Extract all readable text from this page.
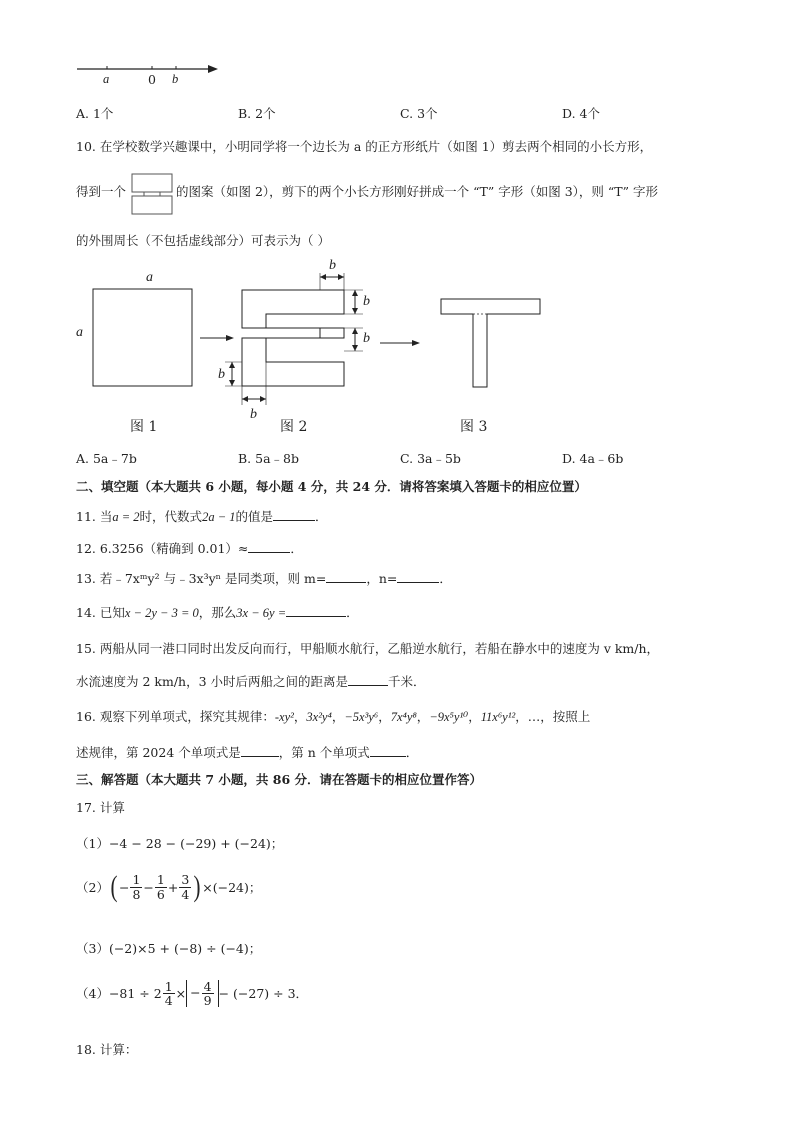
a	0 b
A. 1个	B. 2个	C. 3个	D. 4个
10. 在学校数学兴趣课中，小明同学将一个边长为 a 的正方形纸片（如图 1）剪去两个相同的小长方形，
得到一个	的图案（如图 2），剪下的两个小长方形刚好拼成一个 “T” 字形（如图 3），则 “T” 字形
的外围周长（不包括虚线部分）可表示为（ ）
a
a
b
b
b
b
b
图 1	图 2	图 3
A. 5a﹣7b	B. 5a﹣8b	C. 3a﹣5b	D. 4a﹣6b
二、填空题（本大题共 6 小题，每小题 4 分，共 24 分．请将答案填入答题卡的相应位置）
11. 当a = 2时，代数式2a − 1的值是	．
12. 6.3256（精确到 0.01）≈	．
13. 若﹣7xᵐy² 与﹣3x³yⁿ 是同类项，则 m=	，n=	．
14. 已知x − 2y − 3 = 0，那么3x − 6y =	．
15. 两船从同一港口同时出发反向而行，甲船顺水航行，乙船逆水航行，若船在静水中的速度为 v km/h，
水流速度为 2 km/h，3 小时后两船之间的距离是	千米．
16. 观察下列单项式，探究其规律：-xy²，3x²y⁴，−5x³y⁶，7x⁴y⁸，−9x⁵y¹⁰，11x⁶y¹²，…，按照上
述规律，第 2024 个单项式是	，第 n 个单项式	．
三、解答题（本大题共 7 小题，共 86 分．请在答题卡的相应位置作答）
17. 计算
（1）−4 − 28 − (−29) + (−24)；
（2） ( − $\frac{1}{8} - \frac{1}{6} + \frac{3}{4}$ ) ×(−24)；
（3）(−2)×5 + (−8) ÷ (−4)；
$(4) -81 \div 2 \frac{1}{4}$ × − $\frac{4}{9} - (-27) \div 3$．
18. 计算：
